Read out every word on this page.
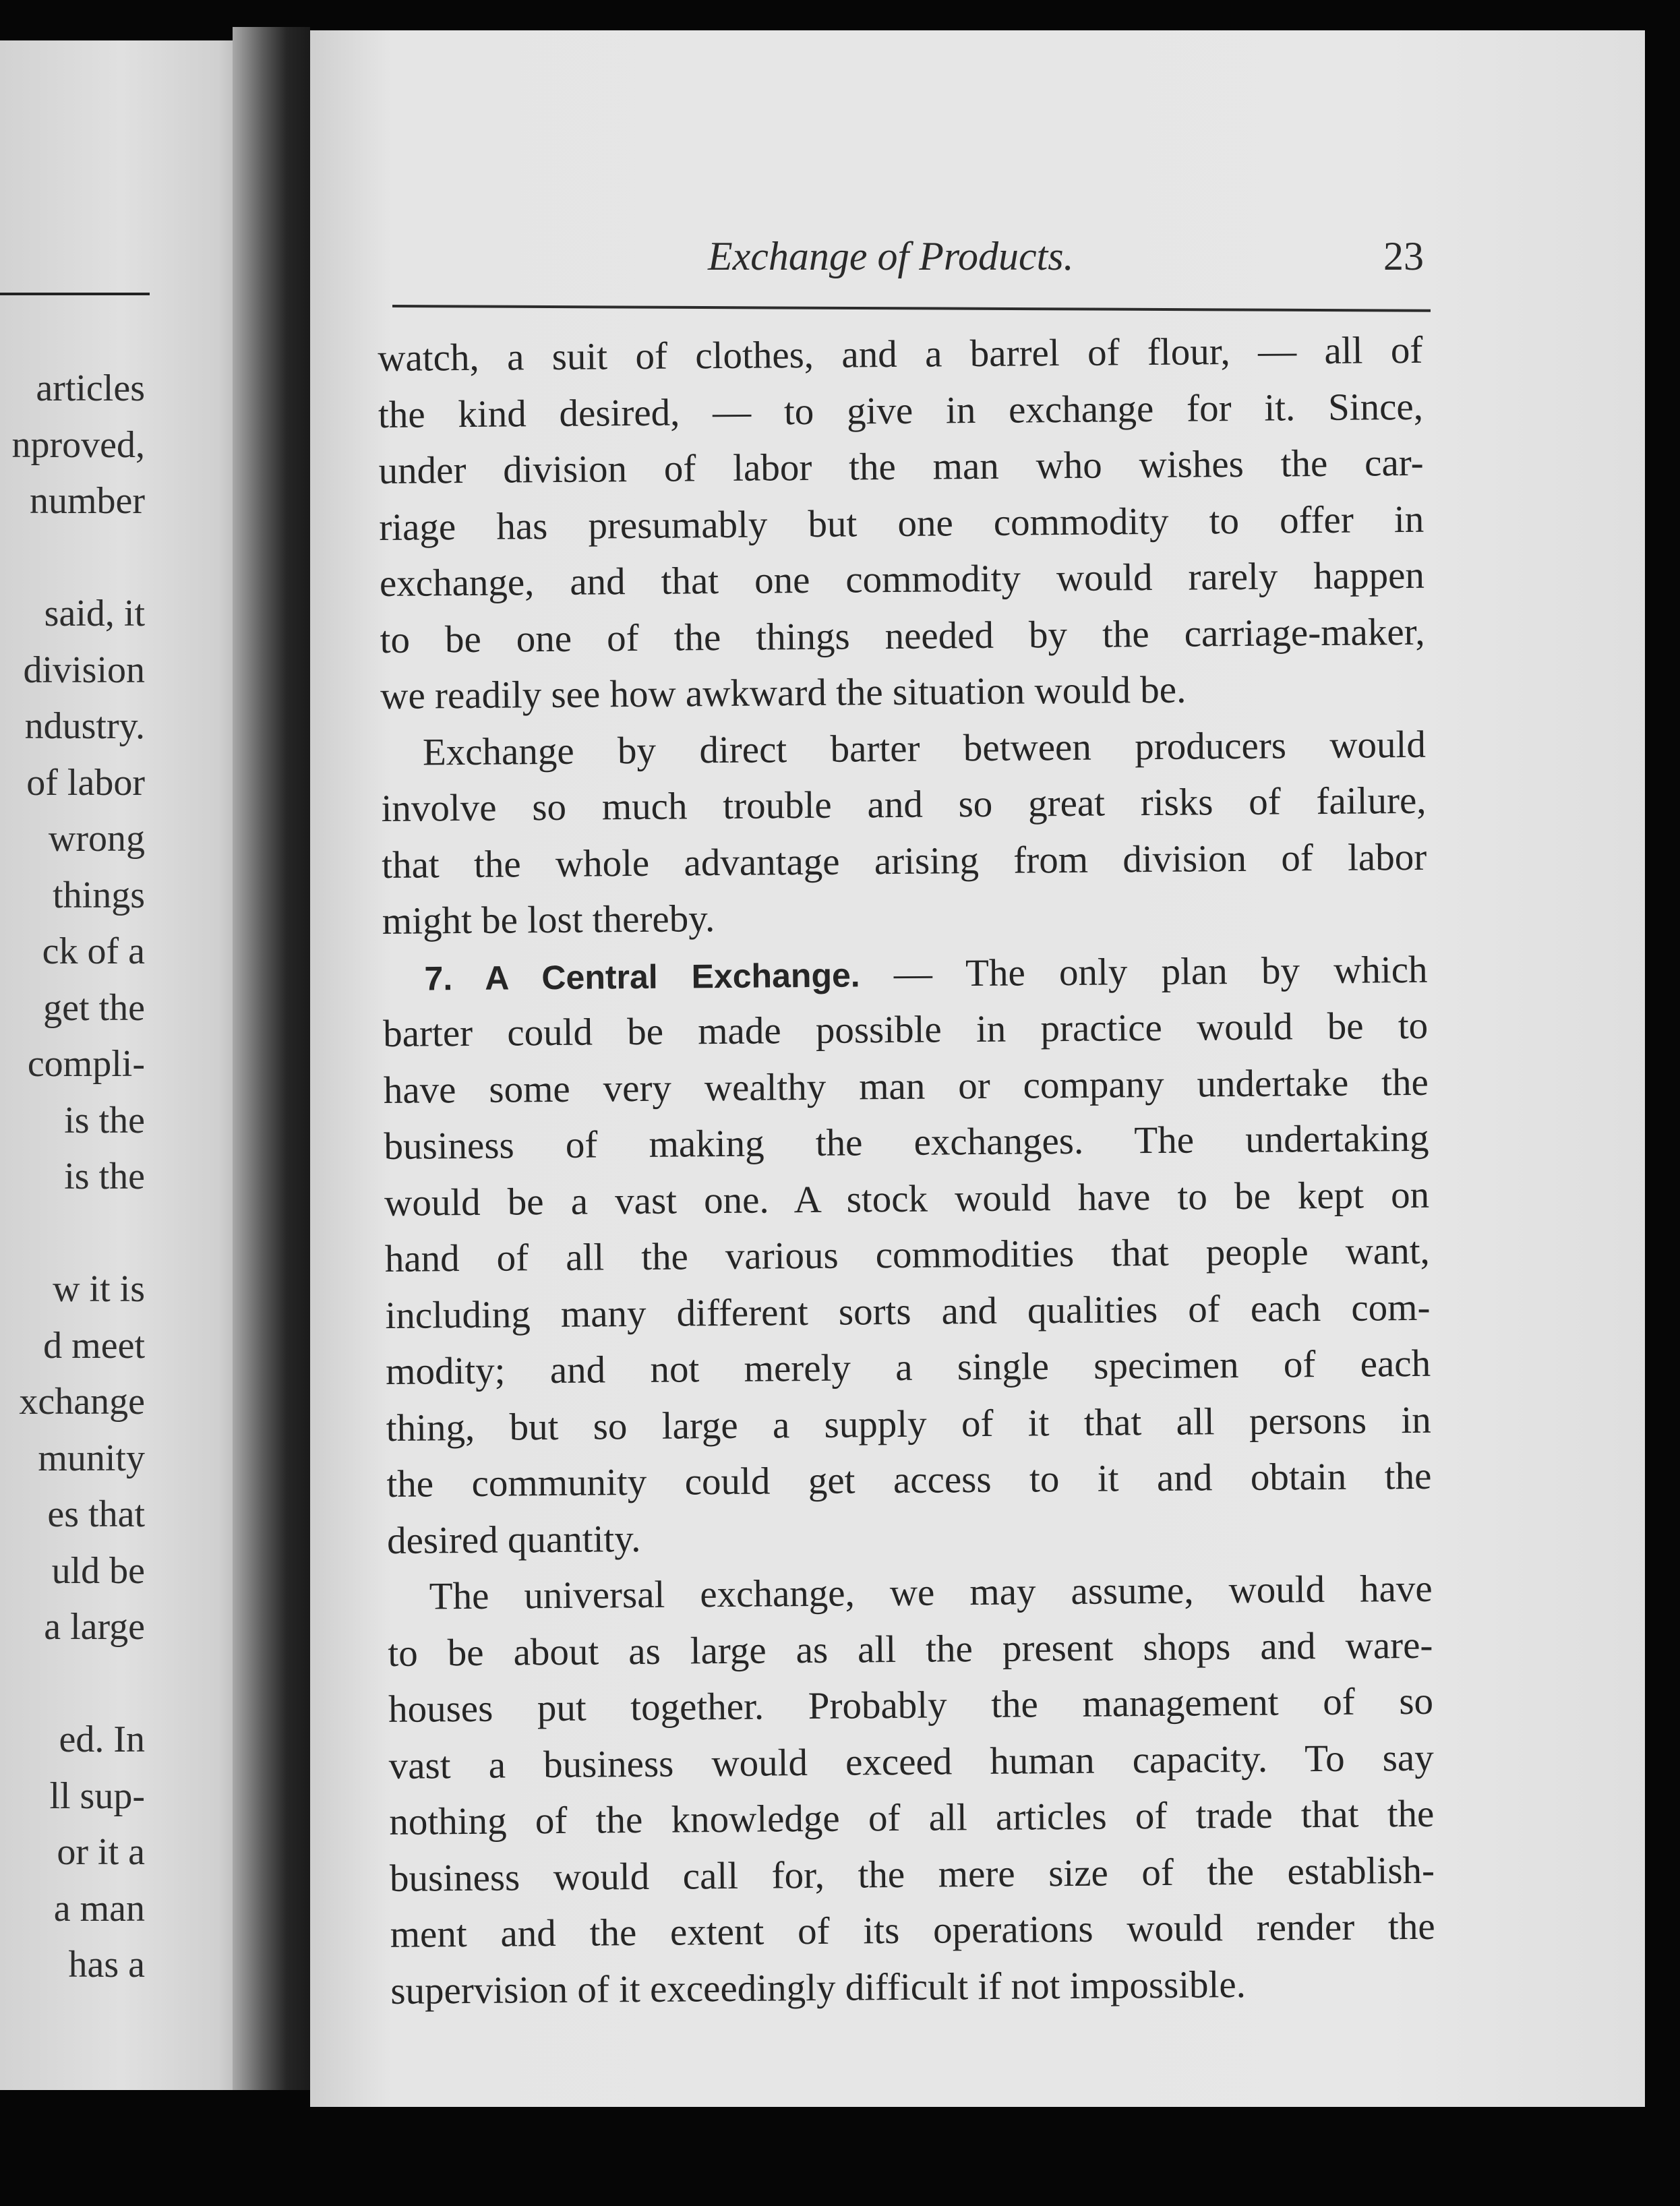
articles
nproved,
number
said, it
division
ndustry.
of labor
wrong
things
ck of a
get the
compli-
is the
is the
w it is
d meet
xchange
munity
es that
uld be
a large
ed. In
ll sup-
or it a
a man
has a
Exchange of Products.	23
watch, a suit of clothes, and a barrel of flour, — all of
the kind desired, — to give in exchange for it. Since,
under division of labor the man who wishes the car-
riage has presumably but one commodity to offer in
exchange, and that one commodity would rarely happen
to be one of the things needed by the carriage-maker,
we readily see how awkward the situation would be.
Exchange by direct barter between producers would
involve so much trouble and so great risks of failure,
that the whole advantage arising from division of labor
might be lost thereby.
7. A Central Exchange. — The only plan by which
barter could be made possible in practice would be to
have some very wealthy man or company undertake the
business of making the exchanges. The undertaking
would be a vast one. A stock would have to be kept on
hand of all the various commodities that people want,
including many different sorts and qualities of each com-
modity; and not merely a single specimen of each
thing, but so large a supply of it that all persons in
the community could get access to it and obtain the
desired quantity.
The universal exchange, we may assume, would have
to be about as large as all the present shops and ware-
houses put together. Probably the management of so
vast a business would exceed human capacity. To say
nothing of the knowledge of all articles of trade that the
business would call for, the mere size of the establish-
ment and the extent of its operations would render the
supervision of it exceedingly difficult if not impossible.
